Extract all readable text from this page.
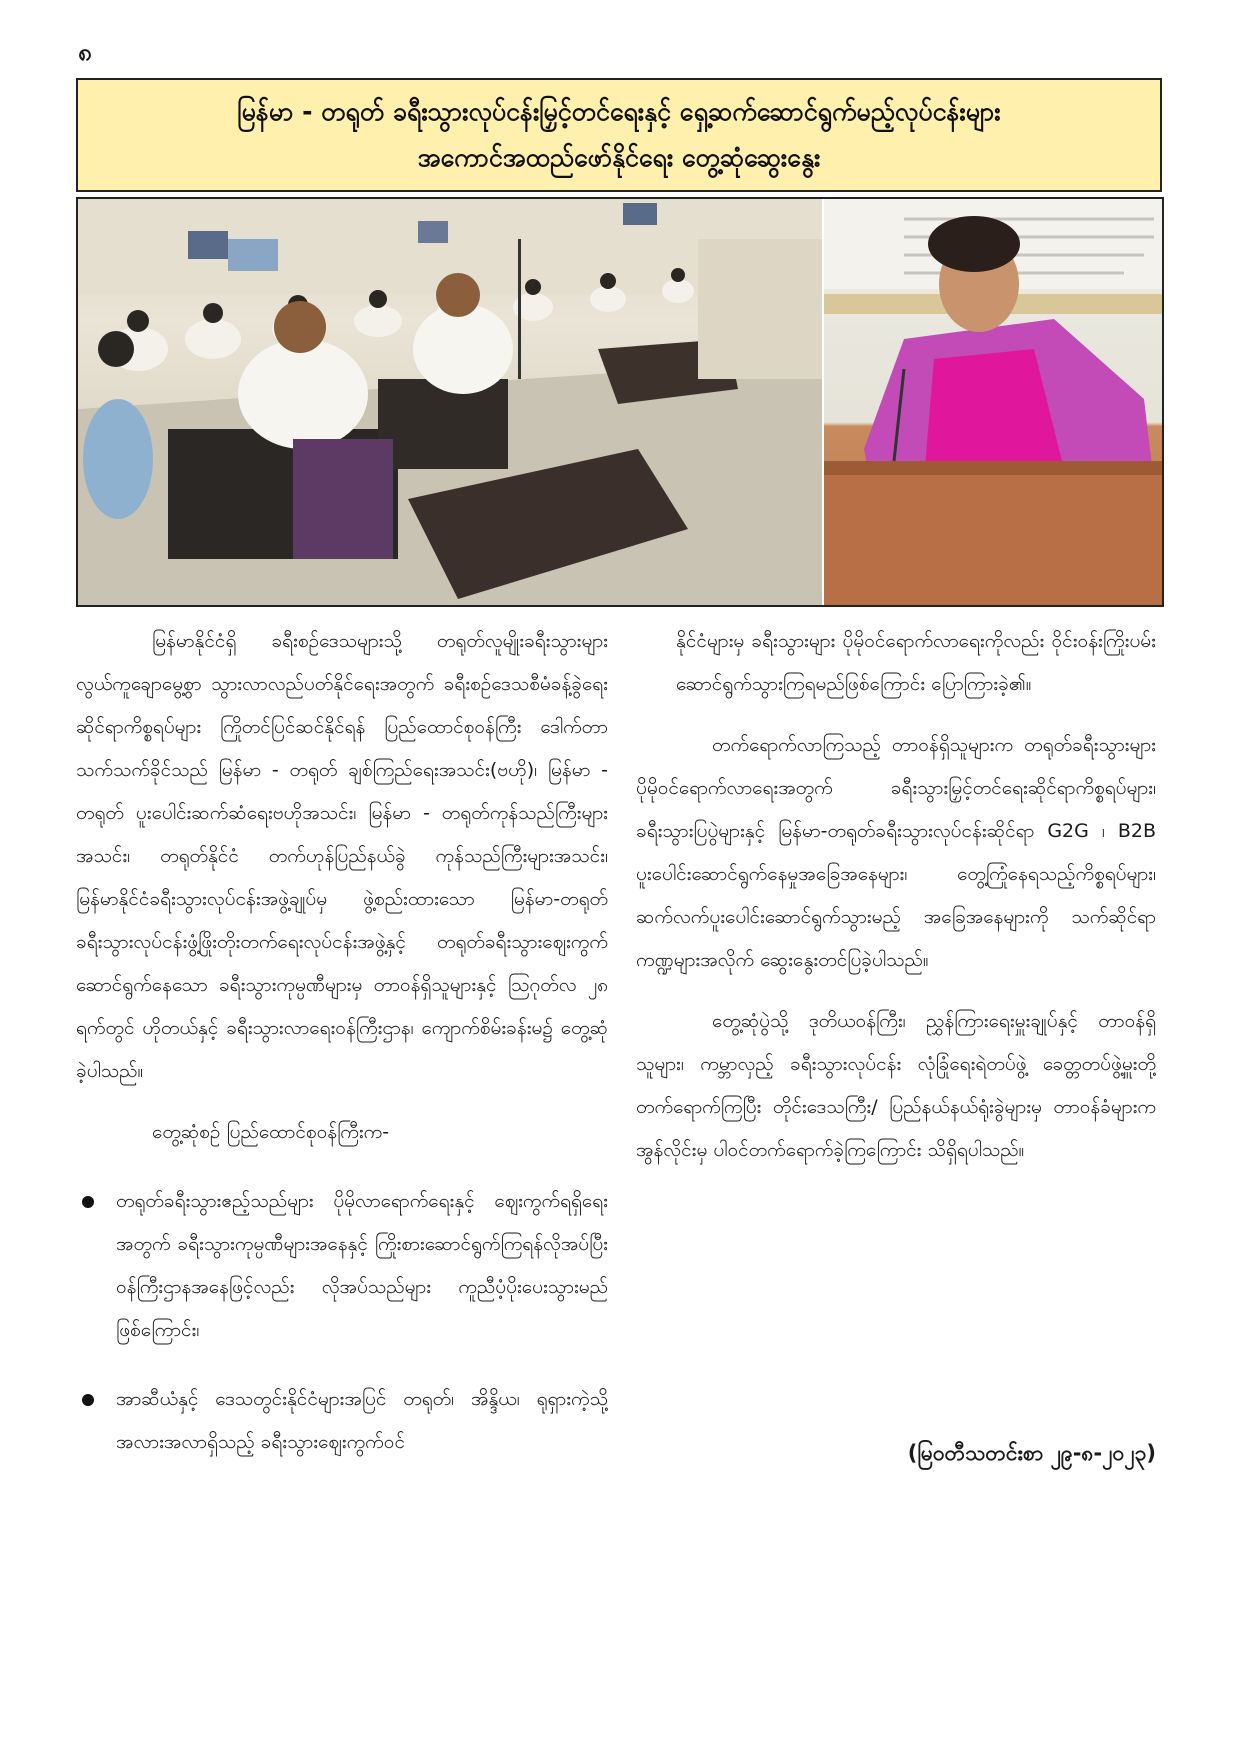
၈
မြန်မာ - တရုတ် ခရီးသွားလုပ်ငန်းမြှင့်တင်ရေးနှင့် ရှေ့ဆက်ဆောင်ရွက်မည့်လုပ်ငန်းများ
အကောင်အထည်ဖော်နိုင်ရေး တွေ့ဆုံဆွေးနွေး

မြန်မာနိုင်ငံရှိ ခရီးစဉ်ဒေသများသို့ တရုတ်လူမျိုးခရီးသွားများ လွယ်ကူချောမွေ့စွာ သွားလာလည်ပတ်နိုင်ရေးအတွက် ခရီးစဉ်ဒေသစီမံခန့်ခွဲရေး ဆိုင်ရာကိစ္စရပ်များ ကြိုတင်ပြင်ဆင်နိုင်ရန် ပြည်ထောင်စုဝန်ကြီး ဒေါက်တာ သက်သက်ခိုင်သည် မြန်မာ - တရုတ် ချစ်ကြည်ရေးအသင်း(ဗဟို)၊ မြန်မာ - တရုတ် ပူးပေါင်းဆက်ဆံရေးဗဟိုအသင်း၊ မြန်မာ - တရုတ်ကုန်သည်ကြီးများအသင်း၊ တရုတ်နိုင်ငံ တက်ဟုန်ပြည်နယ်ခွဲ ကုန်သည်ကြီးများအသင်း၊ မြန်မာနိုင်ငံခရီးသွားလုပ်ငန်းအဖွဲ့ချုပ်မှ ဖွဲ့စည်းထားသော မြန်မာ-တရုတ် ခရီးသွားလုပ်ငန်းဖွံ့ဖြိုးတိုးတက်ရေးလုပ်ငန်းအဖွဲ့နှင့် တရုတ်ခရီးသွားဈေးကွက်ဆောင်ရွက်နေသော ခရီးသွားကုမ္ပဏီများမှ တာဝန်ရှိသူများနှင့် ဩဂုတ်လ ၂၈ ရက်တွင် ဟိုတယ်နှင့် ခရီးသွားလာရေးဝန်ကြီးဌာန၊ ကျောက်စိမ်းခန်းမ၌ တွေ့ဆုံခဲ့ပါသည်။

တွေ့ဆုံစဉ် ပြည်ထောင်စုဝန်ကြီးက-

တရုတ်ခရီးသွားဧည့်သည်များ ပိုမိုလာရောက်ရေးနှင့် ဈေးကွက်ရရှိရေးအတွက် ခရီးသွားကုမ္ပဏီများအနေနှင့် ကြိုးစားဆောင်ရွက်ကြရန်လိုအပ်ပြီး ဝန်ကြီးဌာနအနေဖြင့်လည်း လိုအပ်သည်များ ကူညီပံ့ပိုးပေးသွားမည်ဖြစ်ကြောင်း၊

အာဆီယံနှင့် ဒေသတွင်းနိုင်ငံများအပြင် တရုတ်၊ အိန္ဒိယ၊ ရုရှားကဲ့သို့ အလားအလာရှိသည့် ခရီးသွားဈေးကွက်ဝင်

နိုင်ငံများမှ ခရီးသွားများ ပိုမိုဝင်ရောက်လာရေးကိုလည်း ဝိုင်းဝန်းကြိုးပမ်း ဆောင်ရွက်သွားကြရမည်ဖြစ်ကြောင်း ပြောကြားခဲ့၏။

တက်ရောက်လာကြသည့် တာဝန်ရှိသူများက တရုတ်ခရီးသွားများ ပိုမိုဝင်ရောက်လာရေးအတွက် ခရီးသွားမြှင့်တင်ရေးဆိုင်ရာကိစ္စရပ်များ၊ ခရီးသွားပြပွဲများနှင့် မြန်မာ-တရုတ်ခရီးသွားလုပ်ငန်းဆိုင်ရာ G2G ၊ B2B ပူးပေါင်းဆောင်ရွက်နေမှုအခြေအနေများ၊ တွေ့ကြုံနေရသည့်ကိစ္စရပ်များ၊ ဆက်လက်ပူးပေါင်းဆောင်ရွက်သွားမည့် အခြေအနေများကို သက်ဆိုင်ရာကဏ္ဍများအလိုက် ဆွေးနွေးတင်ပြခဲ့ပါသည်။

တွေ့ဆုံပွဲသို့ ဒုတိယဝန်ကြီး၊ ညွှန်ကြားရေးမှူးချုပ်နှင့် တာဝန်ရှိသူများ၊ ကမ္ဘာလှည့် ခရီးသွားလုပ်ငန်း လုံခြုံရေးရဲတပ်ဖွဲ့ ခေတ္တတပ်ဖွဲ့မှူးတို့ တက်ရောက်ကြပြီး တိုင်းဒေသကြီး/ ပြည်နယ်နယ်ရုံးခွဲများမှ တာဝန်ခံများက အွန်လိုင်းမှ ပါဝင်တက်ရောက်ခဲ့ကြကြောင်း သိရှိရပါသည်။

(မြဝတီသတင်းစာ ၂၉-၈-၂၀၂၃)
